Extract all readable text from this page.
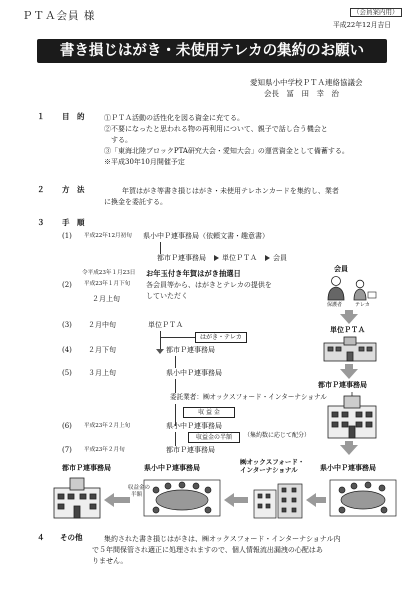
ＰＴＡ会員 様	（会員案内用）
平成22年12月吉日
書き損じはがき・未使用テレカの集約のお願い
愛知県小中学校ＰＴＡ連絡協議会
会長　冨　田　幸　治
１ 目　的	①ＰＴＡ活動の活性化を図る資金に充てる。
②不要になったと思われる物の再利用について、親子で話し合う機会と
　する。
③「東海北陸ブロックPTA研究大会・愛知大会」の運営資金として備蓄する。
※平成30年10月開催予定
２ 方　法	年賀はがき等書き損じはがき・未使用テレホンカードを集約し、業者
に換金を委託する。
３ 手　順
(1) 平成22年12月初旬 県小中Ｐ連事務局（依頼文書・趣意書）
都市Ｐ連事務局 単位ＰＴＡ 会員
令平成23年１月23日
(2) 平成23年１月下旬
２月上旬
お年玉付き年賀はがき抽選日
各会員等から、はがきとテレカの提供を
していただく
(3) ２月中旬	単位ＰＴＡ
はがき・テレカ
(4) ２月下旬	都市Ｐ連事務局
(5) ３月上旬	県小中Ｐ連事務局
委託業者：㈱オックスフォード・インターナショナル
収 益 金
(6) 平成23年２月上旬	県小中Ｐ連事務局
収益金の半額	（集約数に応じて配分）
(7) 平成23年２月旬	都市Ｐ連事務局
会員
保護者	テレカ
単位ＰＴＡ
都市Ｐ連事務局
都市Ｐ連事務局	県小中Ｐ連事務局
㈱オックスフォード・
インターナショナル	県小中Ｐ連事務局
収益金の
半額
４ その他	集約された書き損じはがきは、㈱オックスフォード・インターナショナル内
で５年間保管され適正に処理されますので、個人情報流出漏洩の心配はあ
りません。
